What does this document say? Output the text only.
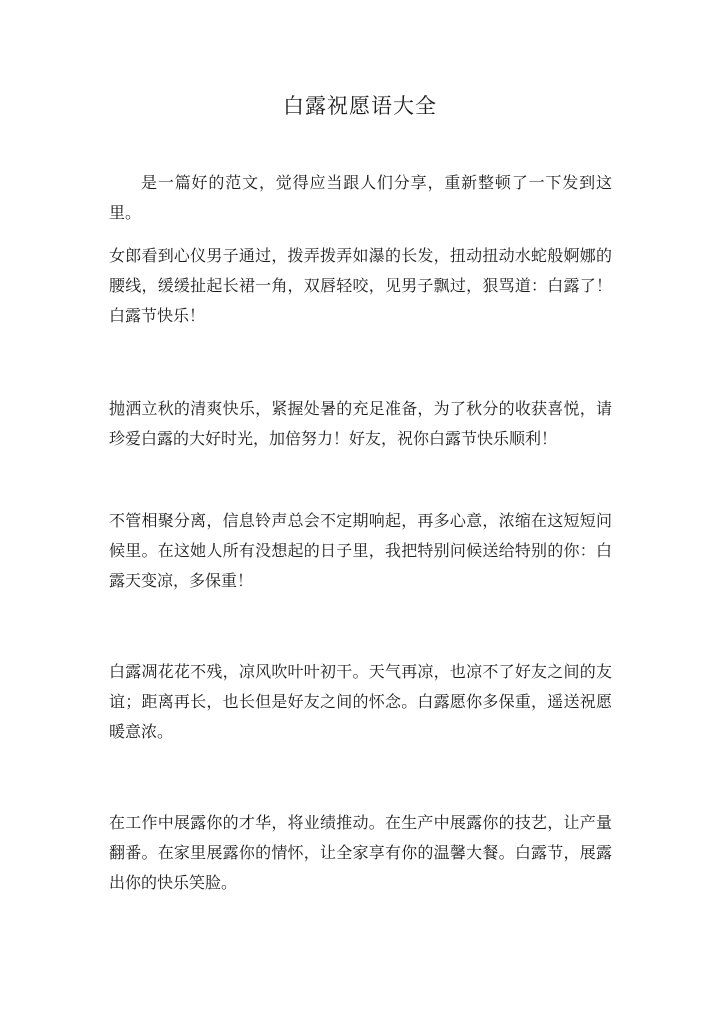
白露祝愿语大全

是一篇好的范文，觉得应当跟人们分享，重新整顿了一下发到这里。

女郎看到心仪男子通过，拨弄拨弄如瀑的长发，扭动扭动水蛇般婀娜的腰线，缓缓扯起长裙一角，双唇轻咬，见男子飘过，狠骂道：白露了！白露节快乐！

抛洒立秋的清爽快乐，紧握处暑的充足准备，为了秋分的收获喜悦，请珍爱白露的大好时光，加倍努力！好友，祝你白露节快乐顺利！

不管相聚分离，信息铃声总会不定期响起，再多心意，浓缩在这短短问候里。在这她人所有没想起的日子里，我把特别问候送给特别的你：白露天变凉，多保重！

白露凋花花不残，凉风吹叶叶初干。天气再凉，也凉不了好友之间的友谊；距离再长，也长但是好友之间的怀念。白露愿你多保重，遥送祝愿暖意浓。

在工作中展露你的才华，将业绩推动。在生产中展露你的技艺，让产量翻番。在家里展露你的情怀，让全家享有你的温馨大餐。白露节，展露出你的快乐笑脸。
